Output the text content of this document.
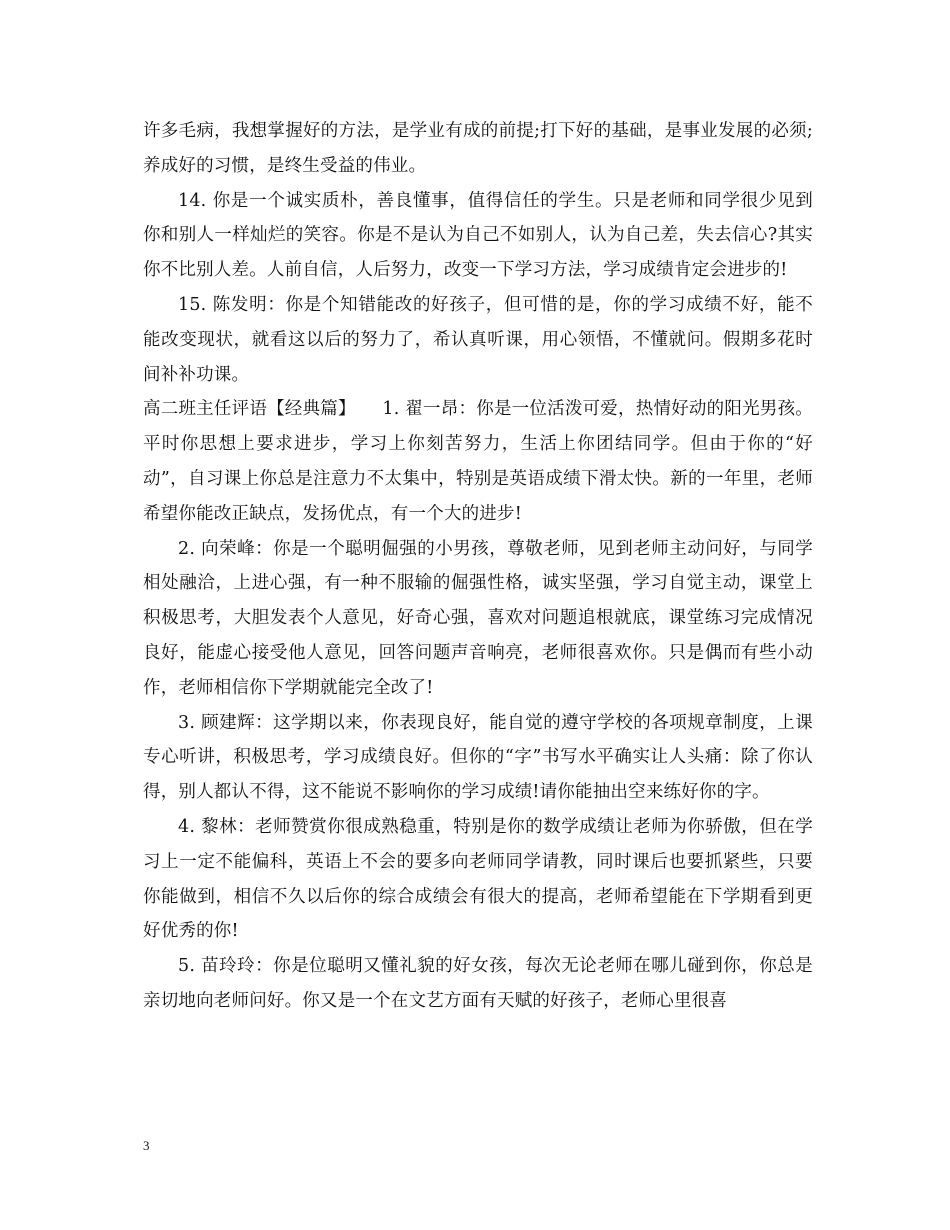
许多毛病，我想掌握好的方法，是学业有成的前提;打下好的基础，是事业发展的必须;养成好的习惯，是终生受益的伟业。

14. 你是一个诚实质朴，善良懂事，值得信任的学生。只是老师和同学很少见到你和别人一样灿烂的笑容。你是不是认为自己不如别人，认为自己差，失去信心?其实你不比别人差。人前自信，人后努力，改变一下学习方法，学习成绩肯定会进步的!

15. 陈发明：你是个知错能改的好孩子，但可惜的是，你的学习成绩不好，能不能改变现状，就看这以后的努力了，希认真听课，用心领悟，不懂就问。假期多花时间补补功课。

高二班主任评语【经典篇】　　1. 翟一昂：你是一位活泼可爱，热情好动的阳光男孩。平时你思想上要求进步，学习上你刻苦努力，生活上你团结同学。但由于你的“好动”，自习课上你总是注意力不太集中，特别是英语成绩下滑太快。新的一年里，老师希望你能改正缺点，发扬优点，有一个大的进步!

2. 向荣峰：你是一个聪明倔强的小男孩，尊敬老师，见到老师主动问好，与同学相处融洽，上进心强，有一种不服输的倔强性格，诚实坚强，学习自觉主动，课堂上积极思考，大胆发表个人意见，好奇心强，喜欢对问题追根就底，课堂练习完成情况良好，能虚心接受他人意见，回答问题声音响亮，老师很喜欢你。只是偶而有些小动作，老师相信你下学期就能完全改了!

3. 顾建辉：这学期以来，你表现良好，能自觉的遵守学校的各项规章制度，上课专心听讲，积极思考，学习成绩良好。但你的“字”书写水平确实让人头痛：除了你认得，别人都认不得，这不能说不影响你的学习成绩!请你能抽出空来练好你的字。

4. 黎林：老师赞赏你很成熟稳重，特别是你的数学成绩让老师为你骄傲，但在学习上一定不能偏科，英语上不会的要多向老师同学请教，同时课后也要抓紧些，只要你能做到，相信不久以后你的综合成绩会有很大的提高，老师希望能在下学期看到更好优秀的你!

5. 苗玲玲：你是位聪明又懂礼貌的好女孩，每次无论老师在哪儿碰到你，你总是亲切地向老师问好。你又是一个在文艺方面有天赋的好孩子，老师心里很喜

3
